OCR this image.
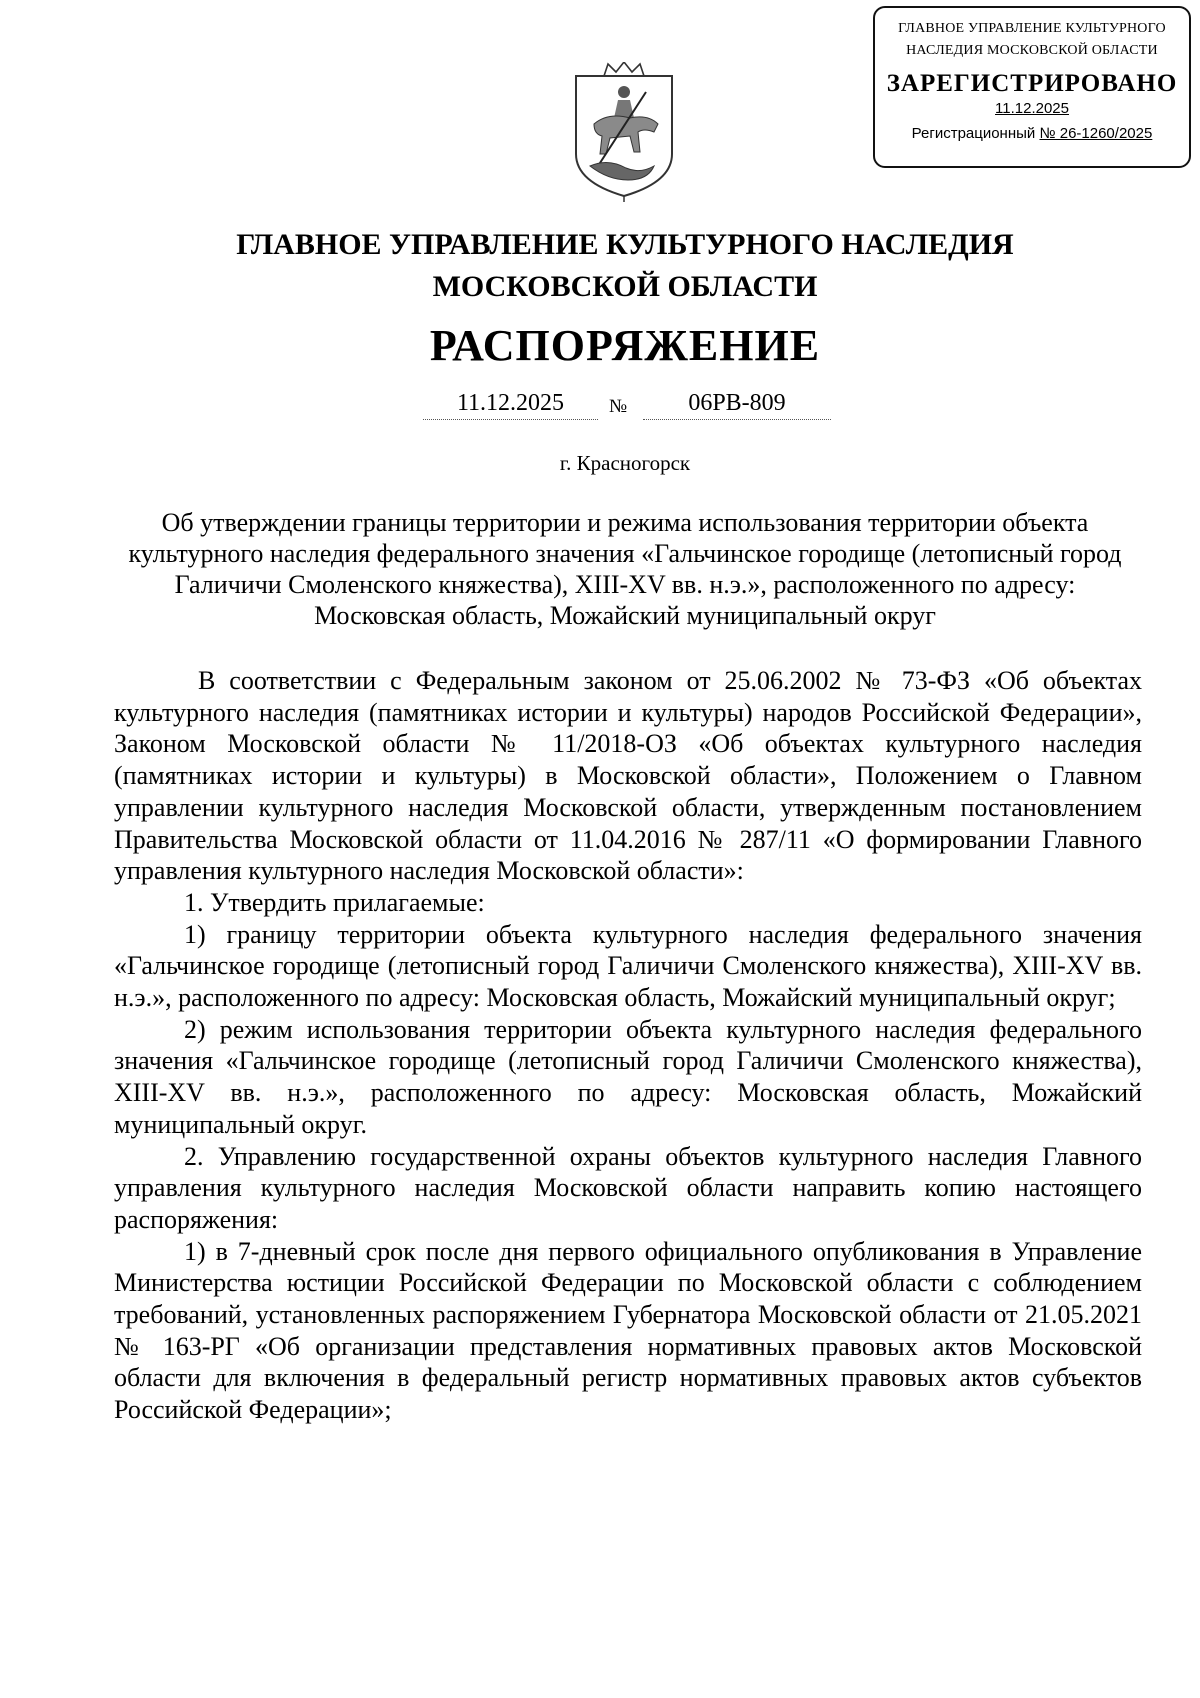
ГЛАВНОЕ УПРАВЛЕНИЕ КУЛЬТУРНОГО
НАСЛЕДИЯ МОСКОВСКОЙ ОБЛАСТИ
ЗАРЕГИСТРИРОВАНО
11.12.2025
Регистрационный № 26-1260/2025
ГЛАВНОЕ УПРАВЛЕНИЕ КУЛЬТУРНОГО НАСЛЕДИЯ
МОСКОВСКОЙ ОБЛАСТИ
РАСПОРЯЖЕНИЕ
11.12.2025	№	06РВ-809
г. Красногорск
Об утверждении границы территории и режима использования территории объекта культурного наследия федерального значения «Гальчинское городище (летописный город Галичичи Смоленского княжества), XIII-XV вв. н.э.», расположенного по адресу: Московская область, Можайский муниципальный округ

В соответствии с Федеральным законом от 25.06.2002 № 73-ФЗ «Об объектах культурного наследия (памятниках истории и культуры) народов Российской Федерации», Законом Московской области № 11/2018-ОЗ «Об объектах культурного наследия (памятниках истории и культуры) в Московской области», Положением о Главном управлении культурного наследия Московской области, утвержденным постановлением Правительства Московской области от 11.04.2016 № 287/11 «О формировании Главного управления культурного наследия Московской области»:

1. Утвердить прилагаемые:

1) границу территории объекта культурного наследия федерального значения «Гальчинское городище (летописный город Галичичи Смоленского княжества), XIII-XV вв. н.э.», расположенного по адресу: Московская область, Можайский муниципальный округ;

2) режим использования территории объекта культурного наследия федерального значения «Гальчинское городище (летописный город Галичичи Смоленского княжества), XIII-XV вв. н.э.», расположенного по адресу: Московская область, Можайский муниципальный округ.

2. Управлению государственной охраны объектов культурного наследия Главного управления культурного наследия Московской области направить копию настоящего распоряжения:

1) в 7-дневный срок после дня первого официального опубликования в Управление Министерства юстиции Российской Федерации по Московской области с соблюдением требований, установленных распоряжением Губернатора Московской области от 21.05.2021 № 163-РГ «Об организации представления нормативных правовых актов Московской области для включения в федеральный регистр нормативных правовых актов субъектов Российской Федерации»;
